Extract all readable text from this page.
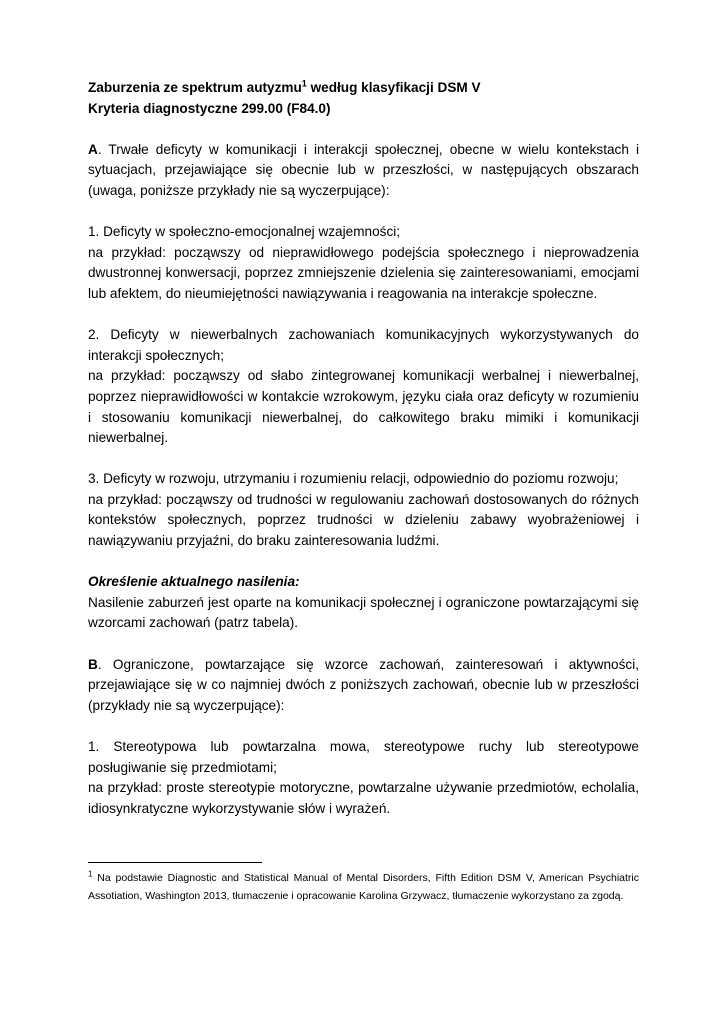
Zaburzenia ze spektrum autyzmu$^1$ według klasyfikacji DSM V
Kryteria diagnostyczne 299.00 (F84.0)

A. Trwałe deficyty w komunikacji i interakcji społecznej, obecne w wielu kontekstach i sytuacjach, przejawiające się obecnie lub w przeszłości, w następujących obszarach (uwaga, poniższe przykłady nie są wyczerpujące):

1. Deficyty w społeczno-emocjonalnej wzajemności;
na przykład: począwszy od nieprawidłowego podejścia społecznego i nieprowadzenia dwustronnej konwersacji, poprzez zmniejszenie dzielenia się zainteresowaniami, emocjami lub afektem, do nieumiejętności nawiązywania i reagowania na interakcje społeczne.

2. Deficyty w niewerbalnych zachowaniach komunikacyjnych wykorzystywanych do interakcji społecznych;
na przykład: począwszy od słabo zintegrowanej komunikacji werbalnej i niewerbalnej, poprzez nieprawidłowości w kontakcie wzrokowym, języku ciała oraz deficyty w rozumieniu i stosowaniu komunikacji niewerbalnej, do całkowitego braku mimiki i komunikacji niewerbalnej.

3. Deficyty w rozwoju, utrzymaniu i rozumieniu relacji, odpowiednio do poziomu rozwoju;
na przykład: począwszy od trudności w regulowaniu zachowań dostosowanych do różnych kontekstów społecznych, poprzez trudności w dzieleniu zabawy wyobrażeniowej i nawiązywaniu przyjaźni, do braku zainteresowania ludźmi.

Określenie aktualnego nasilenia:
Nasilenie zaburzeń jest oparte na komunikacji społecznej i ograniczone powtarzającymi się wzorcami zachowań (patrz tabela).

B. Ograniczone, powtarzające się wzorce zachowań, zainteresowań i aktywności, przejawiające się w co najmniej dwóch z poniższych zachowań, obecnie lub w przeszłości (przykłady nie są wyczerpujące):

1. Stereotypowa lub powtarzalna mowa, stereotypowe ruchy lub stereotypowe posługiwanie się przedmiotami;
na przykład: proste stereotypie motoryczne, powtarzalne używanie przedmiotów, echolalia, idiosynkratyczne wykorzystywanie słów i wyrażeń.

$^1$ Na podstawie Diagnostic and Statistical Manual of Mental Disorders, Fifth Edition DSM V, American Psychiatric Assotiation, Washington 2013, tłumaczenie i opracowanie Karolina Grzywacz, tłumaczenie wykorzystano za zgodą.
